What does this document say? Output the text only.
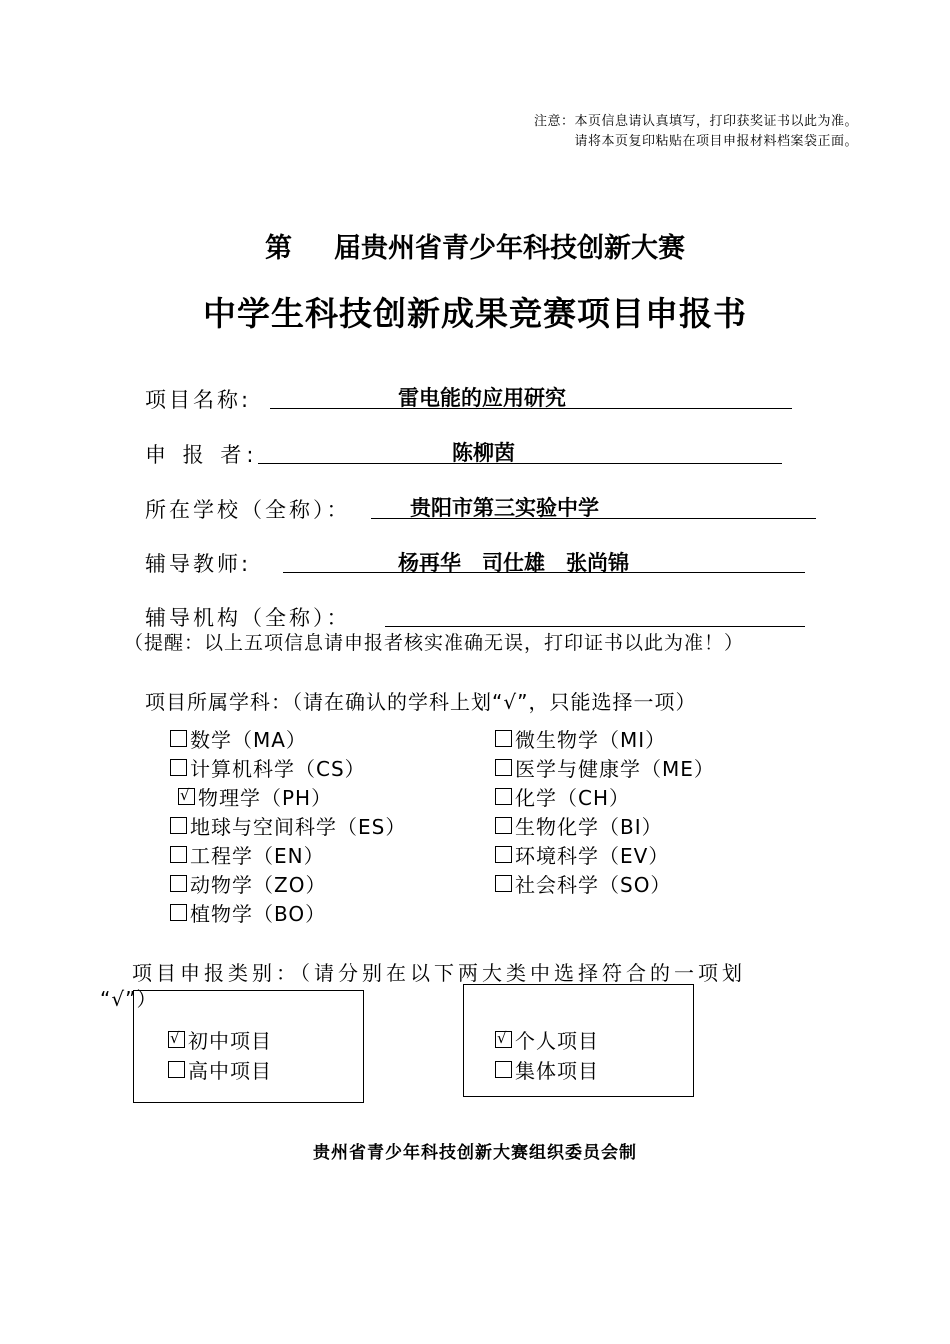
注意：本页信息请认真填写，打印获奖证书以此为准。
请将本页复印粘贴在项目申报材料档案袋正面。
第 届贵州省青少年科技创新大赛
中学生科技创新成果竞赛项目申报书
项目名称:	雷电能的应用研究
申 报 者:	陈柳茵
所在学校（全称）：	贵阳市第三实验中学
辅导教师:	杨再华　司仕雄　张尚锦
辅导机构（全称）：
（提醒：以上五项信息请申报者核实准确无误，打印证书以此为准！）
项目所属学科：（请在确认的学科上划“√”，只能选择一项）
数学（MA）
计算机科学（CS）
√
物理学（PH）
地球与空间科学（ES）
工程学（EN）
动物学（ZO）
植物学（BO）
微生物学（MI）
医学与健康学（ME）
化学（CH）
生物化学（BI）
环境科学（EV）
社会科学（SO）
项目申报类别：（请分别在以下两大类中选择符合的一项划
“√”）
√
初中项目
高中项目
√
个人项目
集体项目
贵州省青少年科技创新大赛组织委员会制
